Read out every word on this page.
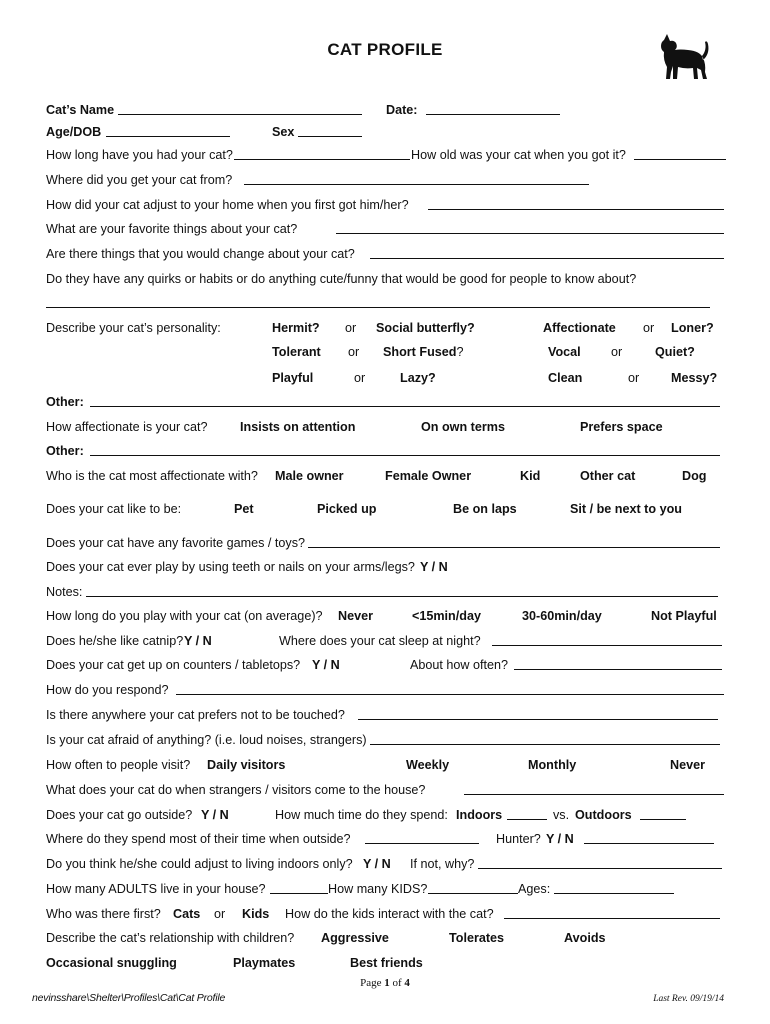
CAT PROFILE
Cat’s Name	Date:
Age/DOB	Sex
How long have you had your cat?	How old was your cat when you got it?
Where did you get your cat from?
How did your cat adjust to your home when you first got him/her?
What are your favorite things about your cat?
Are there things that you would change about your cat?
Do they have any quirks or habits or do anything cute/funny that would be good for people to know about?
Describe your cat’s personality:	Hermit? or Social butterfly?	Affectionate or Loner?
Tolerant or Short Fused?	Vocal or	Quiet?
Playful	or	Lazy?	Clean	or	Messy?
Other:
How affectionate is your cat?	Insists on attention	On own terms	Prefers space
Other:
Who is the cat most affectionate with? Male owner	Female Owner	Kid	Other cat	Dog
Does your cat like to be:	Pet	Picked up	Be on laps	Sit / be next to you
Does your cat have any favorite games / toys?
Does your cat ever play by using teeth or nails on your arms/legs? Y / N
Notes:
How long do you play with your cat (on average)? Never	<15min/day	30-60min/day	Not Playful
Does he/she like catnip? Y / N	Where does your cat sleep at night?
Does your cat get up on counters / tabletops? Y / N	About how often?
How do you respond?
Is there anywhere your cat prefers not to be touched?
Is your cat afraid of anything? (i.e. loud noises, strangers)
How often to people visit? Daily visitors	Weekly	Monthly	Never
What does your cat do when strangers / visitors come to the house?
Does your cat go outside? Y / N	How much time do they spend: Indoors	vs. Outdoors
Where do they spend most of their time when outside?	Hunter? Y / N
Do you think he/she could adjust to living indoors only? Y / N If not, why?
How many ADULTS live in your house?	How many KIDS?	Ages:
Who was there first? Cats or Kids How do the kids interact with the cat?
Describe the cat’s relationship with children? Aggressive	Tolerates	Avoids
Occasional snuggling	Playmates	Best friends
Page 1 of 4
nevinsshare\Shelter\Profiles\Cat\Cat Profile	Last Rev. 09/19/14
